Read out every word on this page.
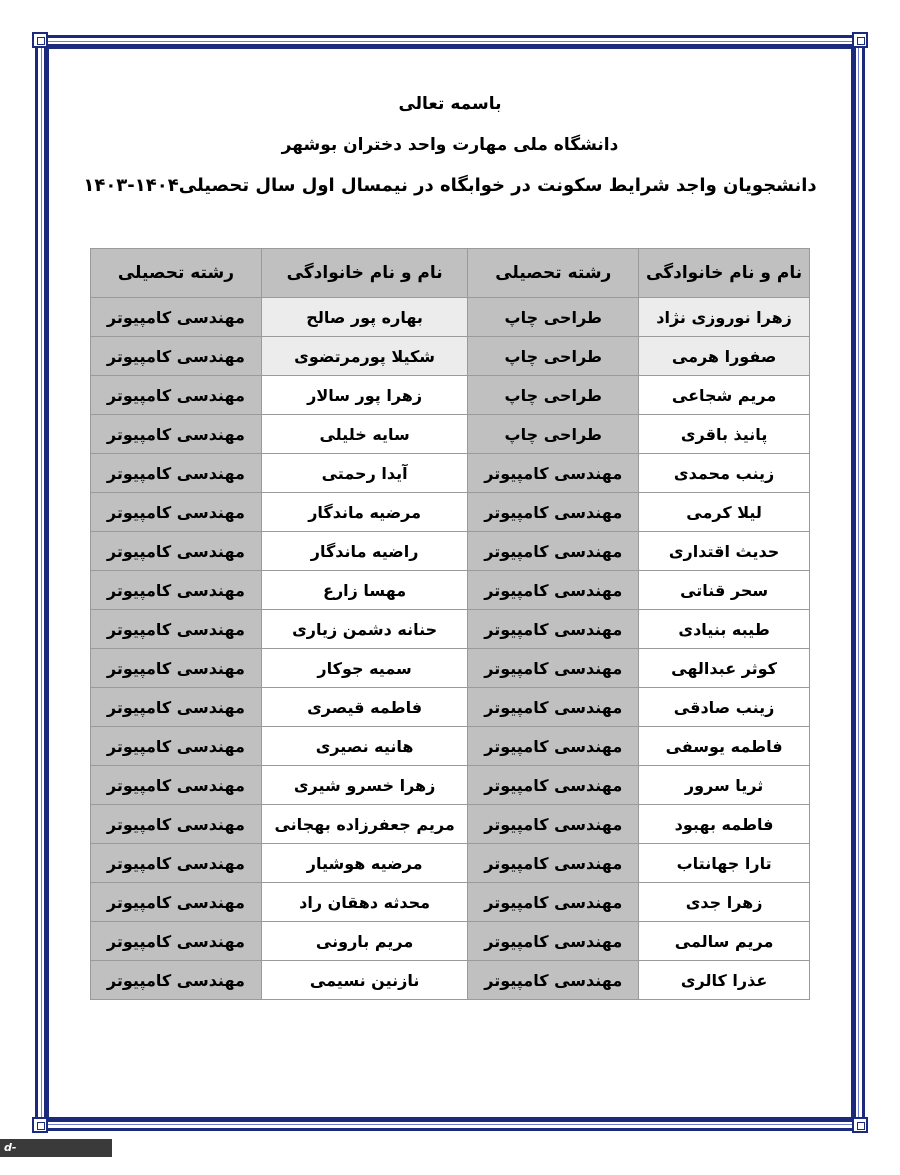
باسمه تعالی
دانشگاه ملی مهارت واحد دختران بوشهر
دانشجویان واجد شرایط سکونت در خوابگاه در نیمسال اول سال تحصیلی۱۴۰۴-۱۴۰۳
نام و نام خانوادگی	رشته تحصیلی	نام و نام خانوادگی	رشته تحصیلی
زهرا نوروزی نژاد	طراحی چاپ	بهاره پور صالح	مهندسی کامپیوتر
صفورا هرمی	طراحی چاپ	شکیلا پورمرتضوی	مهندسی کامپیوتر
مریم شجاعی	طراحی چاپ	زهرا پور سالار	مهندسی کامپیوتر
پانیذ باقری	طراحی چاپ	سایه خلیلی	مهندسی کامپیوتر
زینب محمدی	مهندسی کامپیوتر	آیدا رحمتی	مهندسی کامپیوتر
لیلا کرمی	مهندسی کامپیوتر	مرضیه ماندگار	مهندسی کامپیوتر
حدیث اقتداری	مهندسی کامپیوتر	راضیه ماندگار	مهندسی کامپیوتر
سحر قناتی	مهندسی کامپیوتر	مهسا زارع	مهندسی کامپیوتر
طیبه بنیادی	مهندسی کامپیوتر	حنانه دشمن زیاری	مهندسی کامپیوتر
کوثر عبدالهی	مهندسی کامپیوتر	سمیه جوکار	مهندسی کامپیوتر
زینب صادقی	مهندسی کامپیوتر	فاطمه قیصری	مهندسی کامپیوتر
فاطمه یوسفی	مهندسی کامپیوتر	هانیه نصیری	مهندسی کامپیوتر
ثریا سرور	مهندسی کامپیوتر	زهرا خسرو شیری	مهندسی کامپیوتر
فاطمه بهبود	مهندسی کامپیوتر	مریم جعفرزاده بهجانی	مهندسی کامپیوتر
تارا جهانتاب	مهندسی کامپیوتر	مرضیه هوشیار	مهندسی کامپیوتر
زهرا جدی	مهندسی کامپیوتر	محدثه دهقان راد	مهندسی کامپیوتر
مریم سالمی	مهندسی کامپیوتر	مریم بارونی	مهندسی کامپیوتر
عذرا کالری	مهندسی کامپیوتر	نازنین نسیمی	مهندسی کامپیوتر
d-bushehr.nus.ac.ir
